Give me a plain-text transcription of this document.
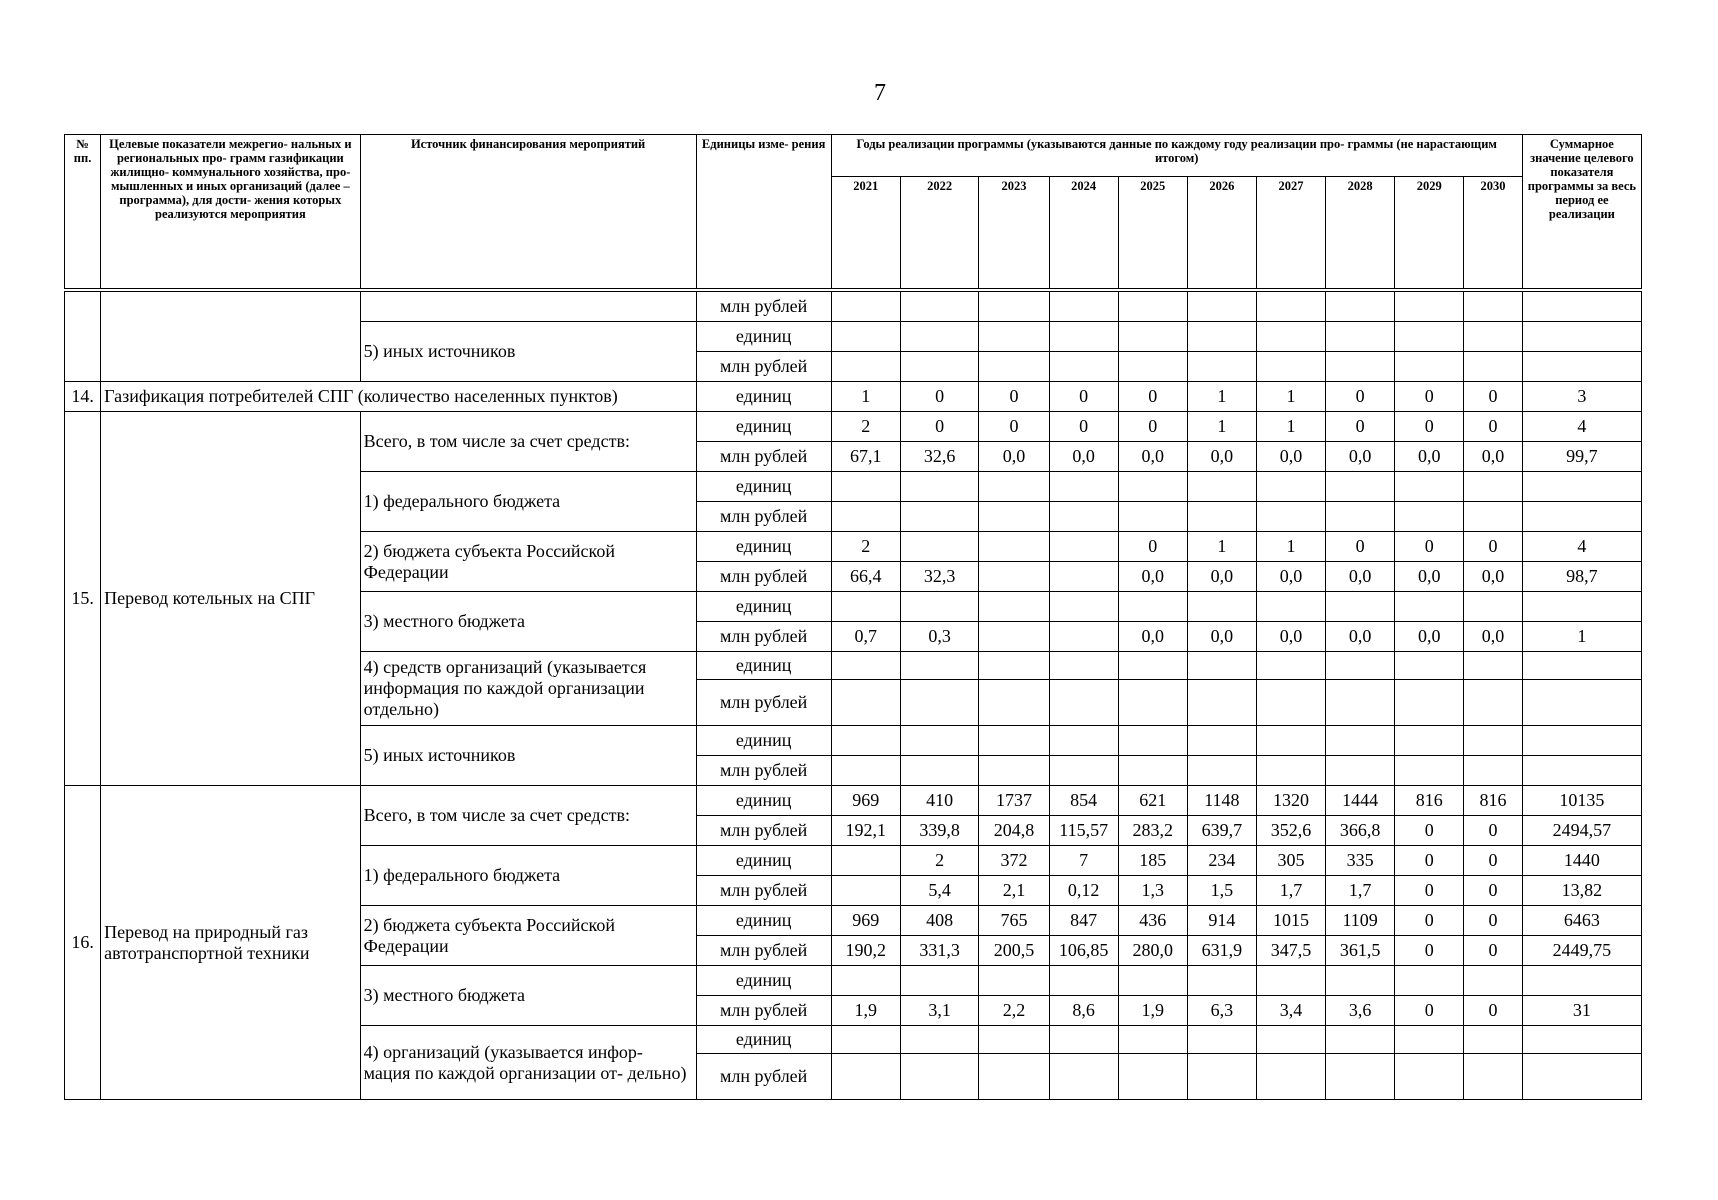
7
№ пп.	Целевые показатели межрегио- нальных и региональных про- грамм газификации жилищно- коммунального хозяйства, про- мышленных и иных организаций (далее – программа), для дости- жения которых реализуются мероприятия	Источник финансирования мероприятий	Единицы изме- рения	Годы реализации программы (указываются данные по каждому году реализации про- граммы (не нарастающим итогом)										Суммарное значение целевого показателя программы за весь период ее реализации
				2021	2022	2023	2024	2025	2026	2027	2028	2029	2030	

			млн рублей											
		5) иных источников	единиц											
			млн рублей											
14.	Газификация потребителей СПГ (количество населенных пунктов)		единиц	1	0	0	0	0	1	1	0	0	0	3
15.	Перевод котельных на СПГ	Всего, в том числе за счет средств:	единиц	2	0	0	0	0	1	1	0	0	0	4
			млн рублей	67,1	32,6	0,0	0,0	0,0	0,0	0,0	0,0	0,0	0,0	99,7
		1) федерального бюджета	единиц											
			млн рублей											
		2) бюджета субъекта Российской Федерации	единиц	2				0	1	1	0	0	0	4
			млн рублей	66,4	32,3			0,0	0,0	0,0	0,0	0,0	0,0	98,7
		3) местного бюджета	единиц											
			млн рублей	0,7	0,3			0,0	0,0	0,0	0,0	0,0	0,0	1
		4) средств организаций (указывается информация по каждой организации отдельно)	единиц											
			млн рублей											
		5) иных источников	единиц											
			млн рублей											
16.	Перевод на природный газ автотранспортной техники	Всего, в том числе за счет средств:	единиц	969	410	1737	854	621	1148	1320	1444	816	816	10135
			млн рублей	192,1	339,8	204,8	115,57	283,2	639,7	352,6	366,8	0	0	2494,57
		1) федерального бюджета	единиц		2	372	7	185	234	305	335	0	0	1440
			млн рублей		5,4	2,1	0,12	1,3	1,5	1,7	1,7	0	0	13,82
		2) бюджета субъекта Российской Федерации	единиц	969	408	765	847	436	914	1015	1109	0	0	6463
			млн рублей	190,2	331,3	200,5	106,85	280,0	631,9	347,5	361,5	0	0	2449,75
		3) местного бюджета	единиц											
			млн рублей	1,9	3,1	2,2	8,6	1,9	6,3	3,4	3,6	0	0	31
		4) организаций (указывается инфор- мация по каждой организации от- дельно)	единиц											
			млн рублей											
